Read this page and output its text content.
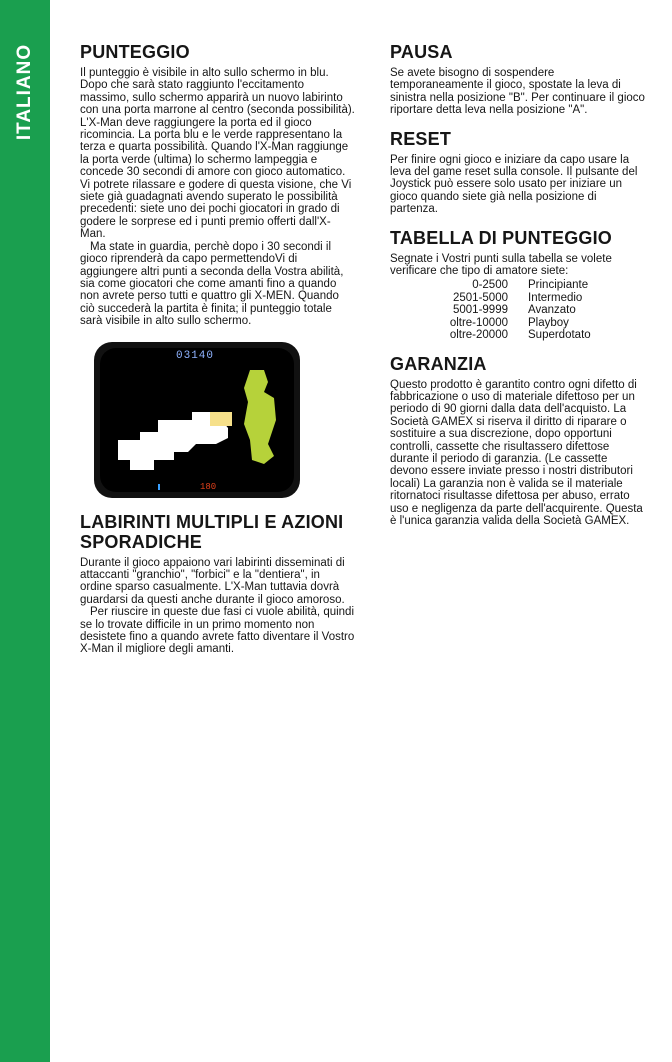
ITALIANO	PUNTEGGIO

Il punteggio è visibile in alto sullo schermo in blu. Dopo che sarà stato raggiunto l'eccitamento massimo, sullo schermo apparirà un nuovo labirinto con una porta marrone al centro (seconda possibilità). L'X-Man deve raggiungere la porta ed il gioco ricomincia. La porta blu e le verde rappresentano la terza e quarta possibilità. Quando l'X-Man raggiunge la porta verde (ultima) lo schermo lampeggia e concede 30 secondi di amore con gioco automatico. Vi potrete rilassare e godere di questa visione, che Vi siete già guadagnati avendo superato le possibilità precedenti: siete uno dei pochi giocatori in grado di godere le sorprese ed i punti premio offerti dall'X-Man.

Ma state in guardia, perchè dopo i 30 secondi il gioco riprenderà da capo permettendoVi di aggiungere altri punti a seconda della Vostra abilità, sia come giocatori che come amanti fino a quando non avrete perso tutti e quattro gli X-MEN. Quando ciò succederà la partita è finita; il punteggio totale sarà visibile in alto sullo schermo.

03140
180
LABIRINTI MULTIPLI E AZIONI SPORADICHE

Durante il gioco appaiono vari labirinti disseminati di attaccanti "granchio", "forbici" e la "dentiera", in ordine sparso casualmente. L'X-Man tuttavia dovrà guardarsi da questi anche durante il gioco amoroso.

Per riuscire in queste due fasi ci vuole abilità, quindi se lo trovate difficile in un primo momento non desistete fino a quando avrete fatto diventare il Vostro X-Man il migliore degli amanti.

PAUSA

Se avete bisogno di sospendere temporaneamente il gioco, spostate la leva di sinistra nella posizione "B". Per continuare il gioco riportare detta leva nella posizione "A".

RESET

Per finire ogni gioco e iniziare da capo usare la leva del game reset sulla console. Il pulsante del Joystick può essere solo usato per iniziare un gioco quando siete già nella posizione di partenza.

TABELLA DI PUNTEGGIO

Segnate i Vostri punti sulla tabella se volete verificare che tipo di amatore siete:

0-2500	Principiante
2501-5000	Intermedio
5001-9999	Avanzato
oltre-10000	Playboy
oltre-20000	Superdotato
GARANZIA

Questo prodotto è garantito contro ogni difetto di fabbricazione o uso di materiale difettoso per un periodo di 90 giorni dalla data dell'acquisto. La Società GAMEX si riserva il diritto di riparare o sostituire a sua discrezione, dopo opportuni controlli, cassette che risultassero difettose durante il periodo di garanzia. (Le cassette devono essere inviate presso i nostri distributori locali) La garanzia non è valida se il materiale ritornatoci risultasse difettosa per abuso, errato uso e negligenza da parte dell'acquirente. Questa è l'unica garanzia valida della Società GAMEX.
